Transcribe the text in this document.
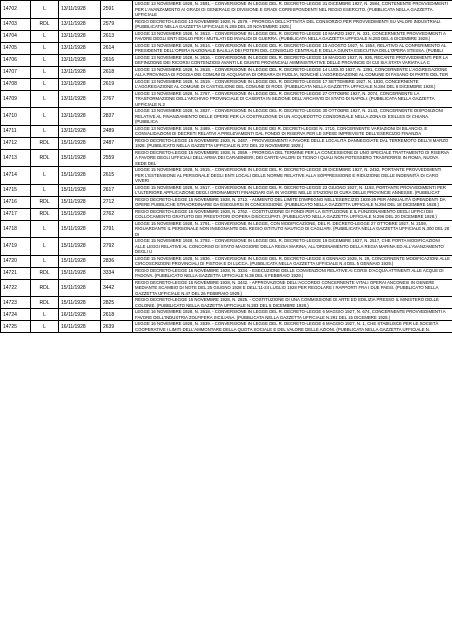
14702	L	13/11/1928	2591	LEGGE 13 NOVEMBRE 1928, N. 2591. - CONVERSIONE IN LEGGE DEL R. DECRETO-LEGGE 31 DICEMBRE 1927, N. 2584, CONTENENTE PROVVEDIMENTI PER L'AVANZAMENTO AI GRADI DI GENERALE DI DIVISIONE E GRADI CORRISPONDENTI NEL REGIO ESERCITO. (PUBBLICATA NELLA GAZZETTA UFFICIALE
14703	RDL	13/11/1928	2579	REGIO DECRETO-LEGGE 13 NOVEMBRE 1928, N. 2579. - PROROGA DELL'ATTIVITÀ DEL CONSORZIO PER PROVVEDIMENTI SU VALORI INDUSTRIALI. (PUBBLICATO NELLA GAZZETTA UFFICIALE N.259 DEL 20 NOVEMBRE 1928.)
14704	L	13/11/1928	2613	LEGGE 13 NOVEMBRE 1928, N. 2613. - CONVERSIONE IN LEGGE DEL R. DECRETO-LEGGE 10 MARZO 1927, N. 331, CONCERNENTE PROVVEDIMENTI A FAVORE DEGLI ENTI EDILIZI PER I MUTILATI ED INVALIDI DI GUERRA. (PUBBLICATA NELLA GAZZETTA UFFICIALE N.283 DEL 6 DICEMBRE 1928.)
14705	L	13/11/1928	2614	LEGGE 13 NOVEMBRE 1928, N. 2614. - CONVERSIONE IN LEGGE DEL R. DECRETO-LEGGE 10 AGOSTO 1927, N. 1554, RELATIVO AL CONFERIMENTO AL PRESIDENTE DELL'OPERA NAZIONALE BALILLA DEI POTERI DEL CONSIGLIO CENTRALE E DELLA GIUNTA ESECUTIVA DELL'OPERA STESSA. (PUBBLI
14706	L	13/11/1928	2616	LEGGE 13 NOVEMBRE 1928, N. 2616. - CONVERSIONE IN LEGGE DEL R. DECRETO-LEGGE 19 MAGGIO 1927, N. 935, RECANTE PROVVEDIMENTI PER LA DEFINIZIONE DEI RICORSI CONTENZIOSI AVANTI LE GIUNTE PROVINCIALI AMMINISTRATIVE DELLE PROVINCIE DI CUI SIA STATA VARIATA LA C
14707	L	13/11/1928	2618	LEGGE 13 NOVEMBRE 1928, N. 2618. - CONVERSIONE IN LEGGE DEL R. DECRETO-LEGGE 14 LUGLIO 1927, N. 1391, CONCERNENTE L'AGGREGAZIONE ALLA PROVINCIA DI FOGGIA DEI COMUNI DI ACQUAVIVA DI ORSARA DI PUGLIA, NONCHÉ L'AGGREGAZIONE AL COMUNE DI FASANO DI PARTE DEL TER
14708	L	13/11/1928	2619	LEGGE 13 NOVEMBRE 1928, N. 2619. - CONVERSIONE IN LEGGE DEL R. DECRETO-LEGGE 17 SETTEMBRE 1927, N. 1830, CONCERNENTE L'AGGREGAZIONE AL COMUNE DI CASTIGLIONE DEL COMUNE DI RODI. (PUBBLICATA NELLA GAZZETTA UFFICIALE N.284 DEL 6 DICEMBRE 1928.)
14709	L	13/11/1928	2767	LEGGE 13 NOVEMBRE 1928, N. 2767. - CONVERSIONE IN LEGGE DEL R. DECRETO-LEGGE 27 OTTOBRE 1927, N. 2074, CONCERNENTE LA TRASFORMAZIONE DELL'ARCHIVIO PROVINCIALE DI CASERTA IN SEZIONE DELL'ARCHIVIO DI STATO DI NAPOLI. (PUBBLICATA NELLA GAZZETTA UFFICIALE N.2
14710	L	13/11/1928	2837	LEGGE 13 NOVEMBRE 1928, N. 2837. - CONVERSIONE IN LEGGE DEL R. DECRETO-LEGGE 30 OTTOBRE 1927, N. 2143, CONCERNENTE DISPOSIZIONI RELATIVE AL FINANZIAMENTO DELLE OPERE PER LA COSTRUZIONE DI UN ACQUEDOTTO CONSORZIALE NELLA ZONA DI EXILLES DI CHIANA. (PUBBLICA
14711	L	13/11/1928	2489	LEGGE 13 NOVEMBRE 1928, N. 2489. - CONVERSIONE IN LEGGE DEI R. DECRETI-LEGGE N. 1710, CONCERNENTE VARIAZIONI DI BILANCIO, E CONVALIDAZIONI DI DECRETI RELATIVI A PRELEVAMENTI DAL FONDO DI RISERVA PER LE SPESE IMPREVISTE DELL'ESERCIZIO FINANZIA
14712	RDL	15/11/1928	2487	REGIO DECRETO-LEGGE 15 NOVEMBRE 1928, N. 2487. - PROVVEDIMENTI A FAVORE DELLE LOCALITÀ DANNEGGIATE DAL TERREMOTO DELL'8 MARZO 1928. (PUBBLICATO NELLA GAZZETTA UFFICIALE N.272 DEL 22 NOVEMBRE 1928.)
14713	RDL	15/11/1928	2559	REGIO DECRETO-LEGGE 15 NOVEMBRE 1928, N. 2559. - PROROGA DEL TERMINE PER LA CONCESSIONE DI UNO SPECIALE TRATTAMENTO DI RISERVA A FAVORE DEGLI UFFICIALI DELL'ARMA DEI CARABINIERI, DEI CARTE-VALORI DI TICINO I QUALI NON POTESSERO TRASFERIRSI IN ROMA, NUOVA SEDE DEL
14714	L	15/11/1928	2615	LEGGE 15 NOVEMBRE 1928, N. 2615. - CONVERSIONE IN LEGGE DEL R. DECRETO-LEGGE 29 DICEMBRE 1927, N. 2452, PORTANTE PROVVEDIMENTI PER L'ESTENSIONE AL PERSONALE DEGLI ENTI LOCALI DELLE NORME RELATIVE ALLA SOPPRESSIONE E RIDUZIONE DELLE INDENNITÀ DI CARO VIVERI
14715	L	15/11/1928	2617	LEGGE 15 NOVEMBRE 1928, N. 2617. - CONVERSIONE IN LEGGE DEL R. DECRETO-LEGGE 23 GIUGNO 1927, N. 1193, PORTANTE PROVVEDIMENTI PER L'ULTERIORE APPLICAZIONE DEGLI ORDINAMENTI FINANZIARI GIÀ IN VIGORE NELLE STAZIONI DI CURA DELLE PROVINCIE ANNESSE. (PUBBLICAT
14716	RDL	15/11/1928	2712	REGIO DECRETO-LEGGE 15 NOVEMBRE 1928, N. 2712. - AUMENTO DEL LIMITE D'IMPEGNO NELL'ESERCIZIO 1928-29 PER ANNUALITÀ DIPENDENTI DA OPERE PUBBLICHE STRAORDINARIE DA ESEGUIRSI IN CONCESSIONE. (PUBBLICATO NELLA GAZZETTA UFFICIALE N.294 DEL 18 DICEMBRE 1928.)
14717	RDL	15/11/1928	2762	REGIO DECRETO-LEGGE 15 NOVEMBRE 1928, N. 2762. - COSTITUZIONE DI FONDI PER LA ISTITUZIONE E IL FUNZIONAMENTO DEGLI UFFICI DEI COLLOCAMENTO GRATUITO DEI PRESTATORI D'OPERA DISOCCUPATI. (PUBBLICATO NELLA GAZZETTA UFFICIALE N.296 DEL 20 DICEMBRE 1928.)
14718	L	15/11/1928	2791	LEGGE 15 NOVEMBRE 1928, N. 2791. - CONVERSIONE IN LEGGE, CON MODIFICAZIONE, DEL R. DECRETO-LEGGE 27 OTTOBRE 1927, N. 2159, RIGUARDANTE IL PERSONALE NON INSEGNANTE DEL REGIO ISTITUTO NAUTICO DI CAGLIARI. (PUBBLICATA NELLA GAZZETTA UFFICIALE N.300 DEL 28 DI
14719	L	15/11/1928	2792	LEGGE 15 NOVEMBRE 1928, N. 2792. - CONVERSIONE IN LEGGE DEL R. DECRETO-LEGGE 19 DICEMBRE 1927, N. 2517, CHE PORTA MODIFICAZIONI ALLE LEGGI RELATIVE AL CONCORSO DI STATO MAGGIORE DELLA REGIA MARINA, ALL'ORDINAMENTO DELLA REGIA MARINA ED ALL'AVANZAMENTO DEGLI U
14720	L	15/11/1928	2836	LEGGE 15 NOVEMBRE 1928, N. 2836. - CONVERSIONE IN LEGGE DEL R. DECRETO-LEGGE 8 GENNAIO 1928, N. 29, CONCERNENTE MODIFICAZIONI ALLE CIRCOSCRIZIONI PROVINCIALI DI PISTOIA E DI LUCCA. (PUBBLICATA NELLA GAZZETTA UFFICIALE N.4 DEL 5 GENNAIO 1929.)
14721	RDL	15/11/1928	3334	REGIO DECRETO-LEGGE 15 NOVEMBRE 1928, N. 3334. - ESECUZIONE DELLE CONVENZIONI RELATIVE AI CORSI D'ACQUA ATTINENTI ALLE ACQUE DI PADOVA. (PUBBLICATO NELLA GAZZETTA UFFICIALE N.36 DEL 6 FEBBRAIO 1929.)
14722	RDL	15/11/1928	3442	REGIO DECRETO-LEGGE 15 NOVEMBRE 1928, N. 3442. - APPROVAZIONE DELL'ACCORDO CONCERNENTE VITALI OPERAI ANCONESI IN GENERE MEDIANTE SCAMBIO DI NOTE DEL 25 GIUGNO 1928 E DELL'11-24 LUGLIO 1928 PER REGOLARE I RAPPORTI FRA I DUE PAESI. (PUBBLICATO NELLA GAZZETTA UFFICIALE N.47 DEL 26 FEBBRAIO 1929.)
14723	RDL	15/11/1928	2825	REGIO DECRETO-LEGGE 15 NOVEMBRE 1928, N. 2825. - COSTITUZIONE DI UNA COMMISSIONE DI ARTE ED EDILIZIA PRESSO IL MINISTERO DELLE COLONIE. (PUBBLICATO NELLA GAZZETTA UFFICIALE N.283 DEL 5 DICEMBRE 1928.)
14724	L	16/11/1928	2618	LEGGE 16 NOVEMBRE 1928, N. 2618. - CONVERSIONE IN LEGGE DEL R. DECRETO-LEGGE 6 MAGGIO 1927, N. 674, CONCERNENTE PROVVEDIMENTI A FAVORE DELL'INDUSTRIA ZOLFIFERA SICILIANA. (PUBBLICATA NELLA GAZZETTA UFFICIALE N.291 DEL 15 DICEMBRE 1928.)
14725	L	16/11/1928	2639	LEGGE 16 NOVEMBRE 1928, N. 2639. - CONVERSIONE IN LEGGE DEL R. DECRETO-LEGGE 6 MAGGIO 1927, N. 1, CHE STABILISCE PER LE SOCIETÀ COOPERATIVE I LIMITI DELL'AMMONTARE DELLA QUOTA SOCIALE E DEL VALORE DELLE AZIONI. (PUBBLICATA NELLA GAZZETTA UFFICIALE N.
